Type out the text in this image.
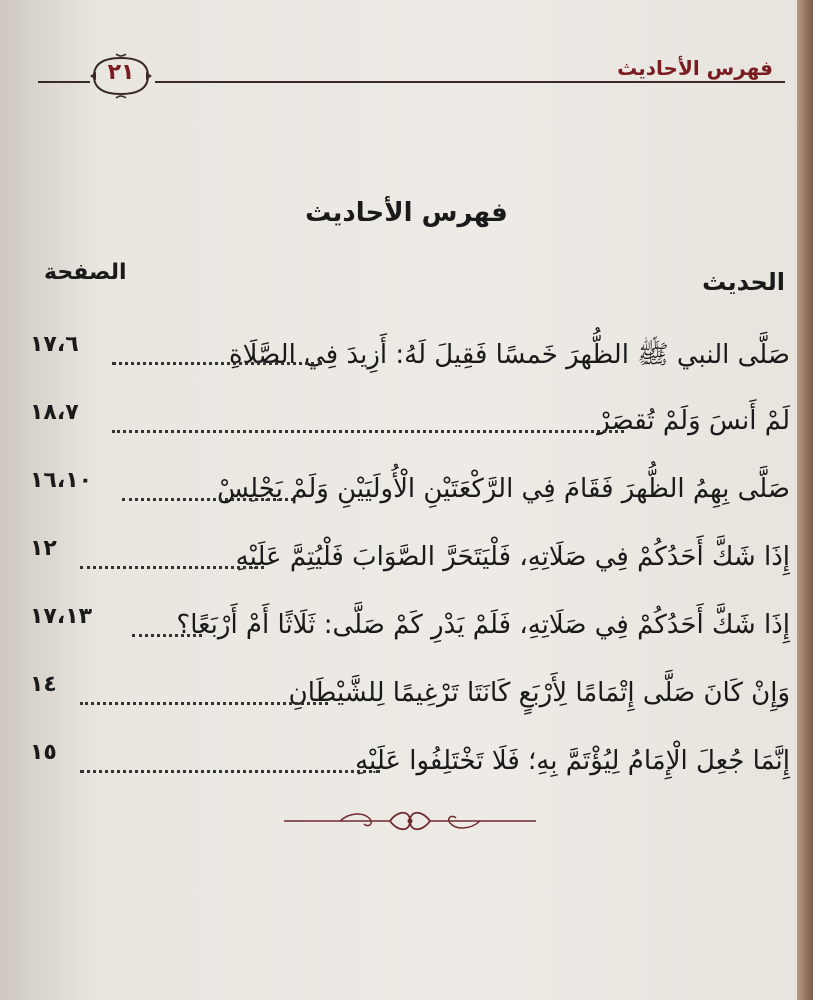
فهرس الأحاديث
٢١
فهرس الأحاديث
الحديث
الصفحة
صَلَّى النبي ﷺ الظُّهرَ خَمسًا فَقِيلَ لَهُ: أَزِيدَ فِي الصَّلَاةِ
١٧،٦
لَمْ أَنسَ وَلَمْ تُقصَرْ
١٨،٧
صَلَّى بِهِمُ الظُّهرَ فَقَامَ فِي الرَّكْعَتَيْنِ الْأُولَيَيْنِ وَلَمْ يَجْلِسْ
١٦،١٠
إِذَا شَكَّ أَحَدُكُمْ فِي صَلَاتِهِ، فَلْيَتَحَرَّ الصَّوَابَ فَلْيُتِمَّ عَلَيْهِ
١٢
إِذَا شَكَّ أَحَدُكُمْ فِي صَلَاتِهِ، فَلَمْ يَدْرِ كَمْ صَلَّى: ثَلَاثًا أَمْ أَرْبَعًا؟
١٧،١٣
وَإِنْ كَانَ صَلَّى إِتْمَامًا لِأَرْبَعٍ كَانَتَا تَرْغِيمًا لِلشَّيْطَانِ
١٤
إِنَّمَا جُعِلَ الْإِمَامُ لِيُؤْتَمَّ بِهِ؛ فَلَا تَخْتَلِفُوا عَلَيْهِ
١٥
